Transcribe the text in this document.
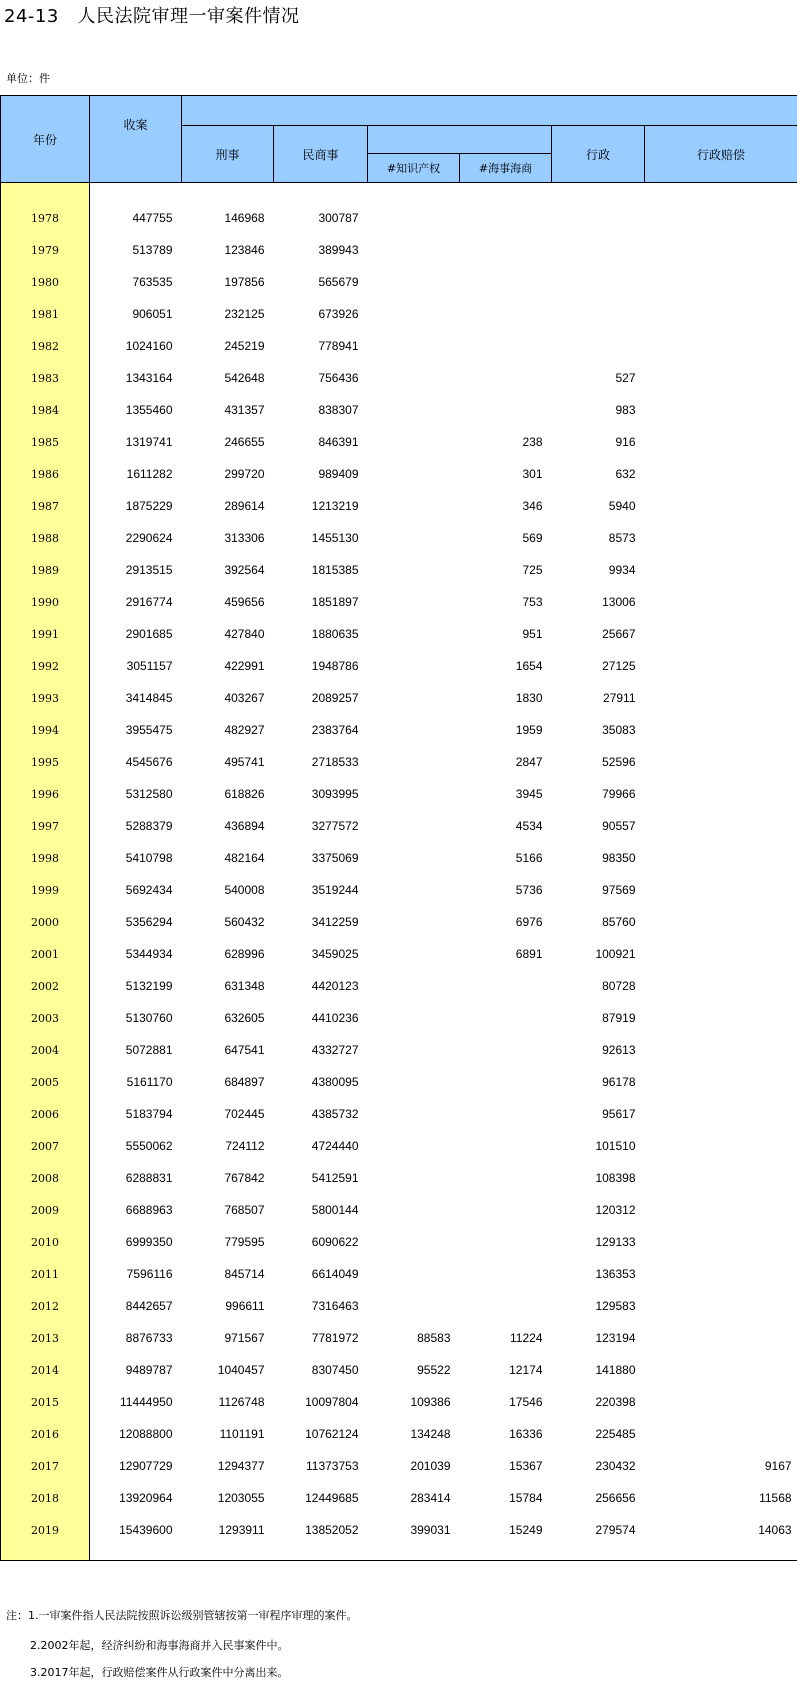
24-13   人民法院审理一审案件情况
单位：件
年份	收案						
		刑事	民商事			行政	行政赔偿
				#知识产权	#海事海商		

1978	447755	146968	300787				
1979	513789	123846	389943				
1980	763535	197856	565679				
1981	906051	232125	673926				
1982	1024160	245219	778941				
1983	1343164	542648	756436			527	
1984	1355460	431357	838307			983	
1985	1319741	246655	846391		238	916	
1986	1611282	299720	989409		301	632	
1987	1875229	289614	1213219		346	5940	
1988	2290624	313306	1455130		569	8573	
1989	2913515	392564	1815385		725	9934	
1990	2916774	459656	1851897		753	13006	
1991	2901685	427840	1880635		951	25667	
1992	3051157	422991	1948786		1654	27125	
1993	3414845	403267	2089257		1830	27911	
1994	3955475	482927	2383764		1959	35083	
1995	4545676	495741	2718533		2847	52596	
1996	5312580	618826	3093995		3945	79966	
1997	5288379	436894	3277572		4534	90557	
1998	5410798	482164	3375069		5166	98350	
1999	5692434	540008	3519244		5736	97569	
2000	5356294	560432	3412259		6976	85760	
2001	5344934	628996	3459025		6891	100921	
2002	5132199	631348	4420123			80728	
2003	5130760	632605	4410236			87919	
2004	5072881	647541	4332727			92613	
2005	5161170	684897	4380095			96178	
2006	5183794	702445	4385732			95617	
2007	5550062	724112	4724440			101510	
2008	6288831	767842	5412591			108398	
2009	6688963	768507	5800144			120312	
2010	6999350	779595	6090622			129133	
2011	7596116	845714	6614049			136353	
2012	8442657	996611	7316463			129583	
2013	8876733	971567	7781972	88583	11224	123194	
2014	9489787	1040457	8307450	95522	12174	141880	
2015	11444950	1126748	10097804	109386	17546	220398	
2016	12088800	1101191	10762124	134248	16336	225485	
2017	12907729	1294377	11373753	201039	15367	230432	9167
2018	13920964	1203055	12449685	283414	15784	256656	11568
2019	15439600	1293911	13852052	399031	15249	279574	14063

注：1.一审案件指人民法院按照诉讼级别管辖按第一审程序审理的案件。
2.2002年起，经济纠纷和海事海商并入民事案件中。
3.2017年起，行政赔偿案件从行政案件中分离出来。
